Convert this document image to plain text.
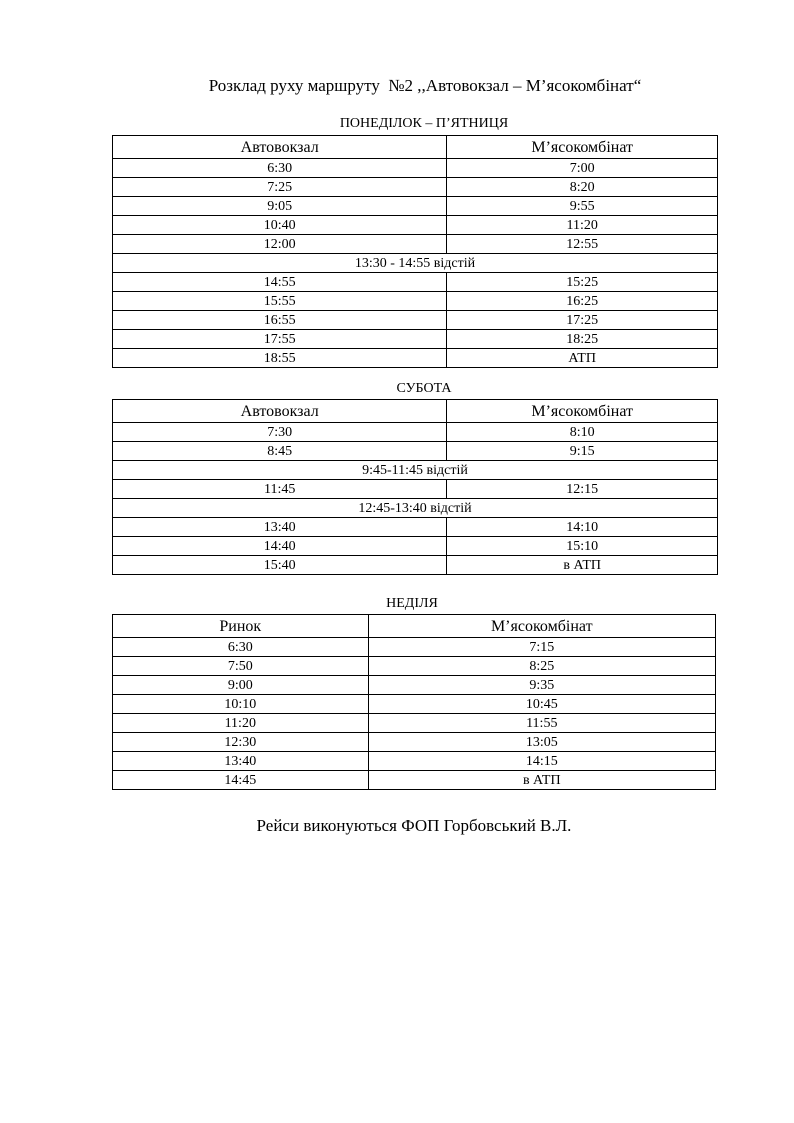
Розклад руху маршруту  №2 ,,Автовокзал – М’ясокомбінат“
ПОНЕДІЛОК – П’ЯТНИЦЯ
Автовокзал	М’ясокомбінат
6:30	7:00
7:25	8:20
9:05	9:55
10:40	11:20
12:00	12:55
13:30 - 14:55 відстій	
14:55	15:25
15:55	16:25
16:55	17:25
17:55	18:25
18:55	АТП
СУБОТА
Автовокзал	М’ясокомбінат
7:30	8:10
8:45	9:15
9:45-11:45 відстій	
11:45	12:15
12:45-13:40 відстій	
13:40	14:10
14:40	15:10
15:40	в АТП
НЕДІЛЯ
Ринок	М’ясокомбінат
6:30	7:15
7:50	8:25
9:00	9:35
10:10	10:45
11:20	11:55
12:30	13:05
13:40	14:15
14:45	в АТП
Рейси виконуються ФОП Горбовський В.Л.
